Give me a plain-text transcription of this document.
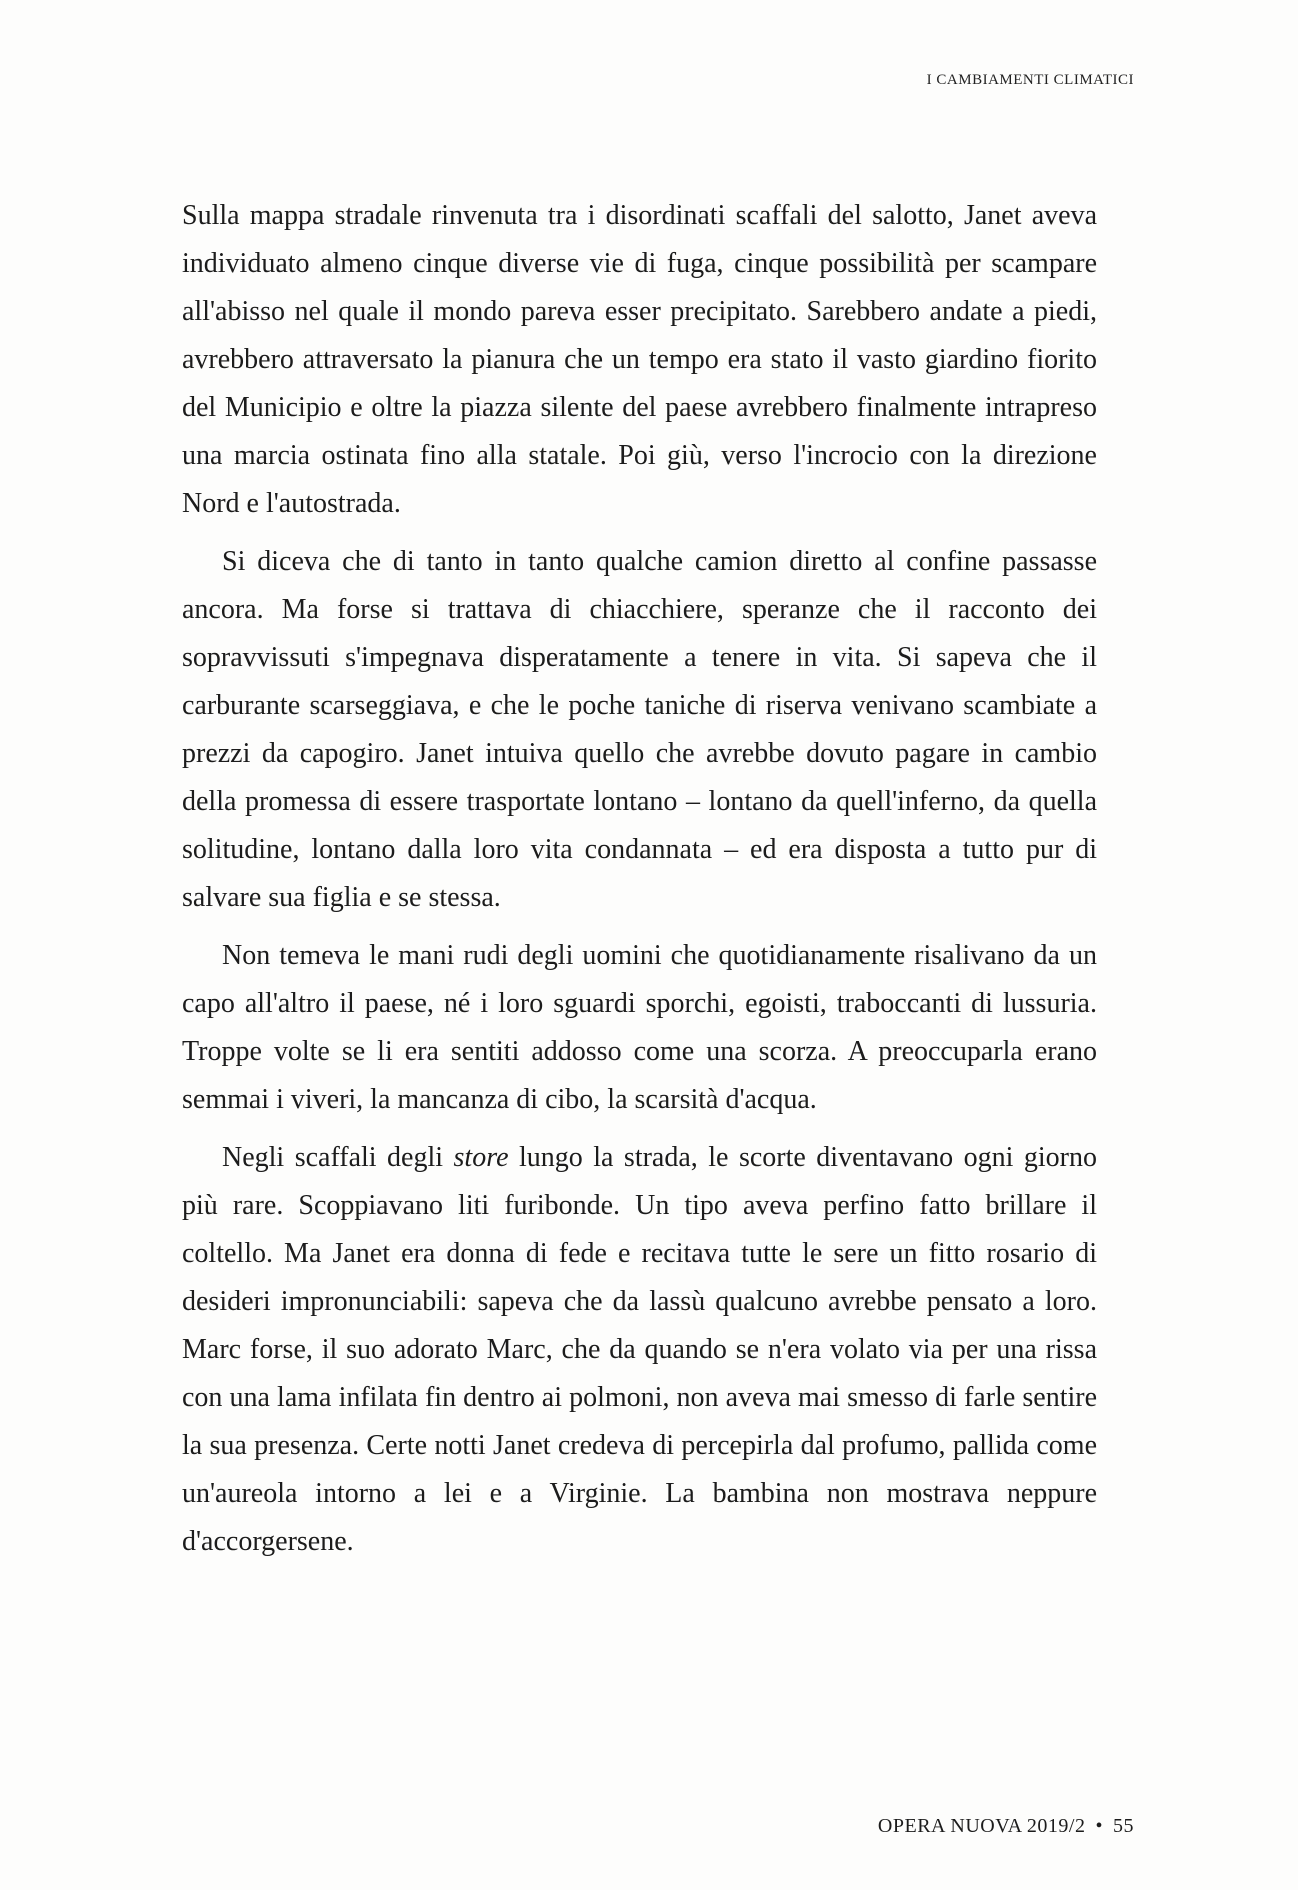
I CAMBIAMENTI CLIMATICI

Sulla mappa stradale rinvenuta tra i disordinati scaffali del salotto, Janet aveva individuato almeno cinque diverse vie di fuga, cinque possibilità per scampare all'abisso nel quale il mondo pareva esser precipitato. Sarebbero andate a piedi, avrebbero attraversato la pianura che un tempo era stato il vasto giardino fiorito del Municipio e oltre la piazza silente del paese avrebbero finalmente intrapreso una marcia ostinata fino alla statale. Poi giù, verso l'incrocio con la direzione Nord e l'autostrada.

Si diceva che di tanto in tanto qualche camion diretto al confine passasse ancora. Ma forse si trattava di chiacchiere, speranze che il racconto dei sopravvissuti s'impegnava disperatamente a tenere in vita. Si sapeva che il carburante scarseggiava, e che le poche taniche di riserva venivano scambiate a prezzi da capogiro. Janet intuiva quello che avrebbe dovuto pagare in cambio della promessa di essere trasportate lontano – lontano da quell'inferno, da quella solitudine, lontano dalla loro vita condannata – ed era disposta a tutto pur di salvare sua figlia e se stessa.

Non temeva le mani rudi degli uomini che quotidianamente risalivano da un capo all'altro il paese, né i loro sguardi sporchi, egoisti, traboccanti di lussuria. Troppe volte se li era sentiti addosso come una scorza. A preoccuparla erano semmai i viveri, la mancanza di cibo, la scarsità d'acqua.

Negli scaffali degli store lungo la strada, le scorte diventavano ogni giorno più rare. Scoppiavano liti furibonde. Un tipo aveva perfino fatto brillare il coltello. Ma Janet era donna di fede e recitava tutte le sere un fitto rosario di desideri impronunciabili: sapeva che da lassù qualcuno avrebbe pensato a loro. Marc forse, il suo adorato Marc, che da quando se n'era volato via per una rissa con una lama infilata fin dentro ai polmoni, non aveva mai smesso di farle sentire la sua presenza. Certe notti Janet credeva di percepirla dal profumo, pallida come un'aureola intorno a lei e a Virginie. La bambina non mostrava neppure d'accorgersene.

OPERA NUOVA 2019/2 • 55
